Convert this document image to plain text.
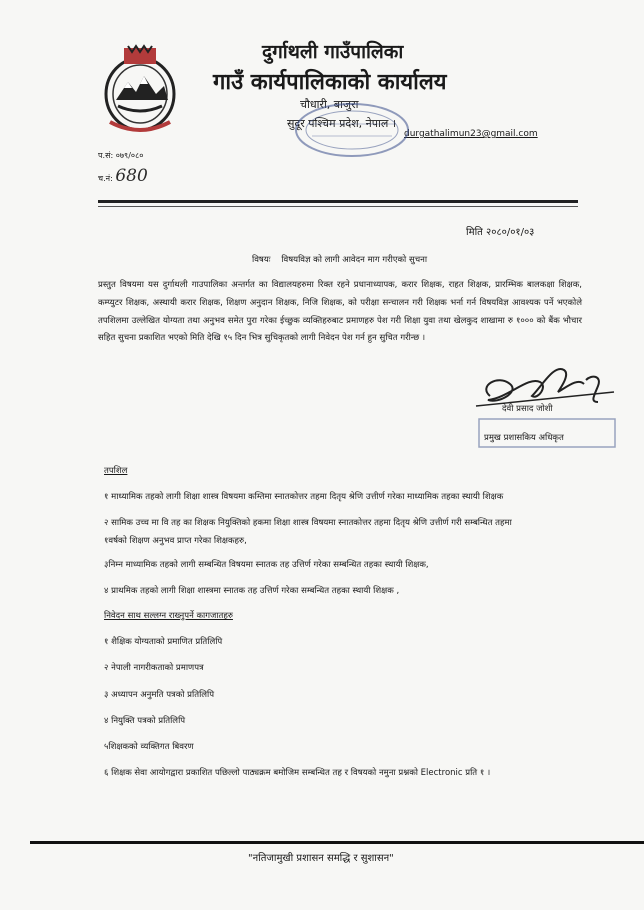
दुर्गाथली गाउँपालिका
गाउँ कार्यपालिकाको कार्यालय
चौधारी, बाजुरा
सुदूर पश्चिम प्रदेश, नेपाल ।
durgathalimun23@gmail.com
प.सं: ०७९/०८०
च.नं: 680
मिति २०८०/०१/०३
विषयः विषयविज्ञ को लागी आवेदन माग गरीएको सुचना
प्रस्तुत विषयमा यस दुर्गाथली गाउपालिका अन्तर्गत का विद्यालयहरुमा रिक्त रहने प्रधानाध्यापक, करार शिक्षक, राहत शिक्षक, प्रारम्भिक बालकक्षा शिक्षक, कम्प्युटर शिक्षक, अस्थायी करार शिक्षक, शिक्षण अनुदान शिक्षक, निजि शिक्षक, को परीक्षा सन्चालन गरी शिक्षक भर्ना गर्न विषयविज्ञ आवश्यक पर्ने भएकोले तपशिलमा उल्लेखित योग्यता तथा अनुभव समेत पुरा गरेका ईच्छुक व्यक्तिहरुबाट प्रमाणहरु पेश गरी शिक्षा युवा तथा खेलकुद शाखामा रु १००० को बैंक भौचार सहित सुचना प्रकाशित भएको मिति देखि १५ दिन भित्र सुचिकृतको लागी निवेदन पेश गर्न हुन सुचित गरीन्छ ।
देवी प्रसाद जोशी
प्रमुख प्रशासकिय अधिकृत
तपशिल
१ माध्यामिक तहको लागी शिक्षा शास्त्र विषयमा कम्तिमा स्नातकोत्तर तहमा दितृय श्रेणि उत्तीर्ण गरेका माध्यामिक तहका स्थायी शिक्षक
२ सामिक उच्च मा वि तह का शिक्षक नियुक्तिको हकमा शिक्षा शास्त्र विषयमा स्नातकोत्तर तहमा दितृय श्रेणि उत्तीर्ण गरी सम्बन्धित तहमा
१वर्षको शिक्षण अनुभव प्राप्त गरेका शिक्षकहरु,
३निम्न माध्यामिक तहको लागी सम्बन्धित विषयमा स्नातक तह उत्तिर्ण गरेका सम्बन्धित तहका स्थायी शिक्षक,
४ प्राथमिक तहको लागी शिक्षा शास्त्रमा स्नातक तह उत्तिर्ण गरेका सम्बन्धित तहका स्थायी शिक्षक ,
निवेदन साथ सल्लग्न राख्नुपर्ने कागजातहरु
१ शैक्षिक योग्यताको प्रमाणित प्रतिलिपि
२ नेपाली नागरीकताको प्रमाणपत्र
३ अध्यापन अनुमति पत्रको प्रतिलिपि
४ नियुक्ति पत्रको प्रतिलिपि
५शिक्षकको व्यक्तिगत बिवरण
६ शिक्षक सेवा आयोगद्वारा प्रकाशित पछिल्लो पाठ्यक्रम बमोजिम सम्बन्धित तह र विषयको नमुना प्रश्नको Electronic प्रति १ ।
"नतिजामुखी प्रशासन समद्धि र सुशासन"
